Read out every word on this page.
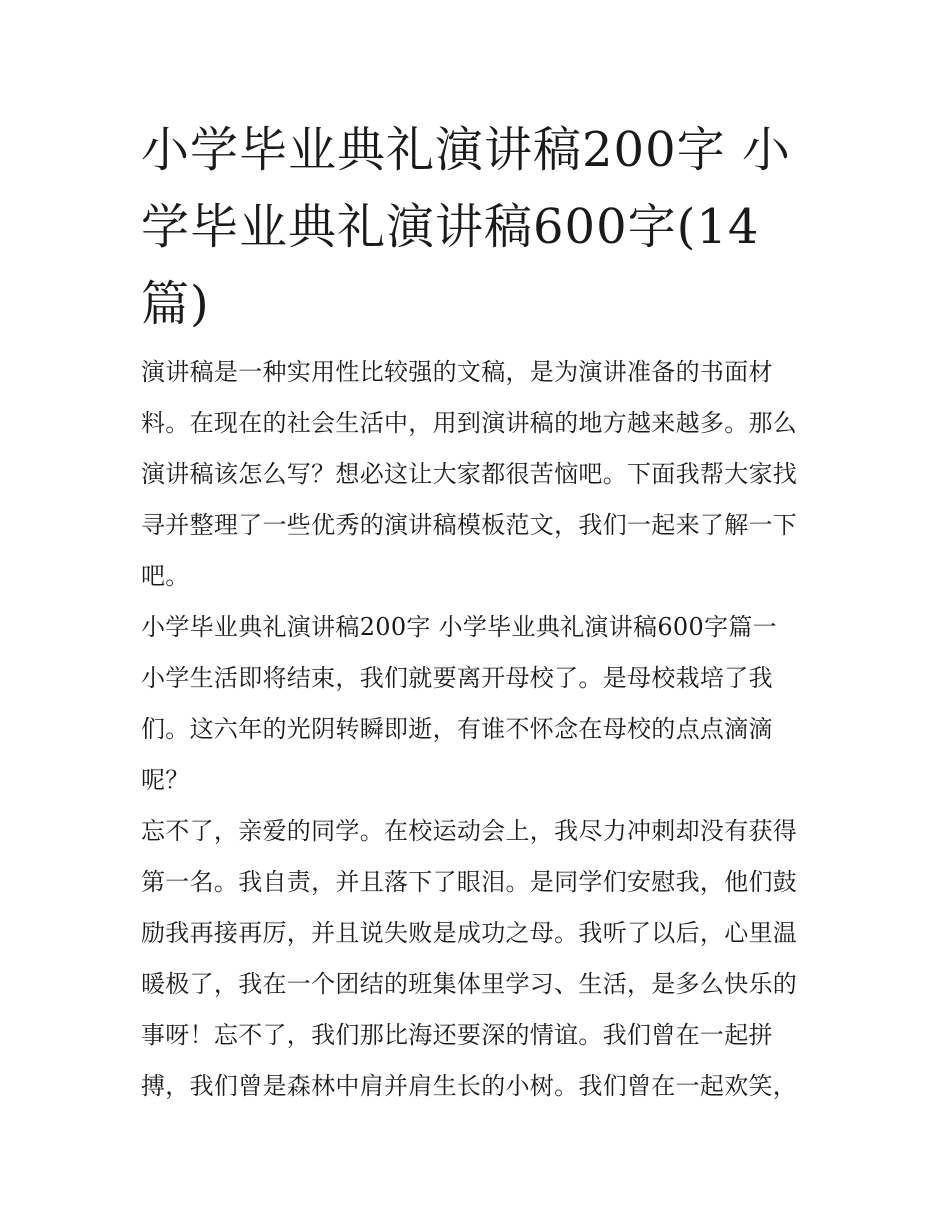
小学毕业典礼演讲稿200字 小学毕业典礼演讲稿600字(14篇)

演讲稿是一种实用性比较强的文稿，是为演讲准备的书面材料。在现在的社会生活中，用到演讲稿的地方越来越多。那么演讲稿该怎么写？想必这让大家都很苦恼吧。下面我帮大家找寻并整理了一些优秀的演讲稿模板范文，我们一起来了解一下吧。

小学毕业典礼演讲稿200字 小学毕业典礼演讲稿600字篇一

小学生活即将结束，我们就要离开母校了。是母校栽培了我们。这六年的光阴转瞬即逝，有谁不怀念在母校的点点滴滴呢？

忘不了，亲爱的同学。在校运动会上，我尽力冲刺却没有获得第一名。我自责，并且落下了眼泪。是同学们安慰我，他们鼓励我再接再厉，并且说失败是成功之母。我听了以后，心里温暖极了，我在一个团结的班集体里学习、生活，是多么快乐的事呀！忘不了，我们那比海还要深的情谊。我们曾在一起拼搏，我们曾是森林中肩并肩生长的小树。我们曾在一起欢笑，
